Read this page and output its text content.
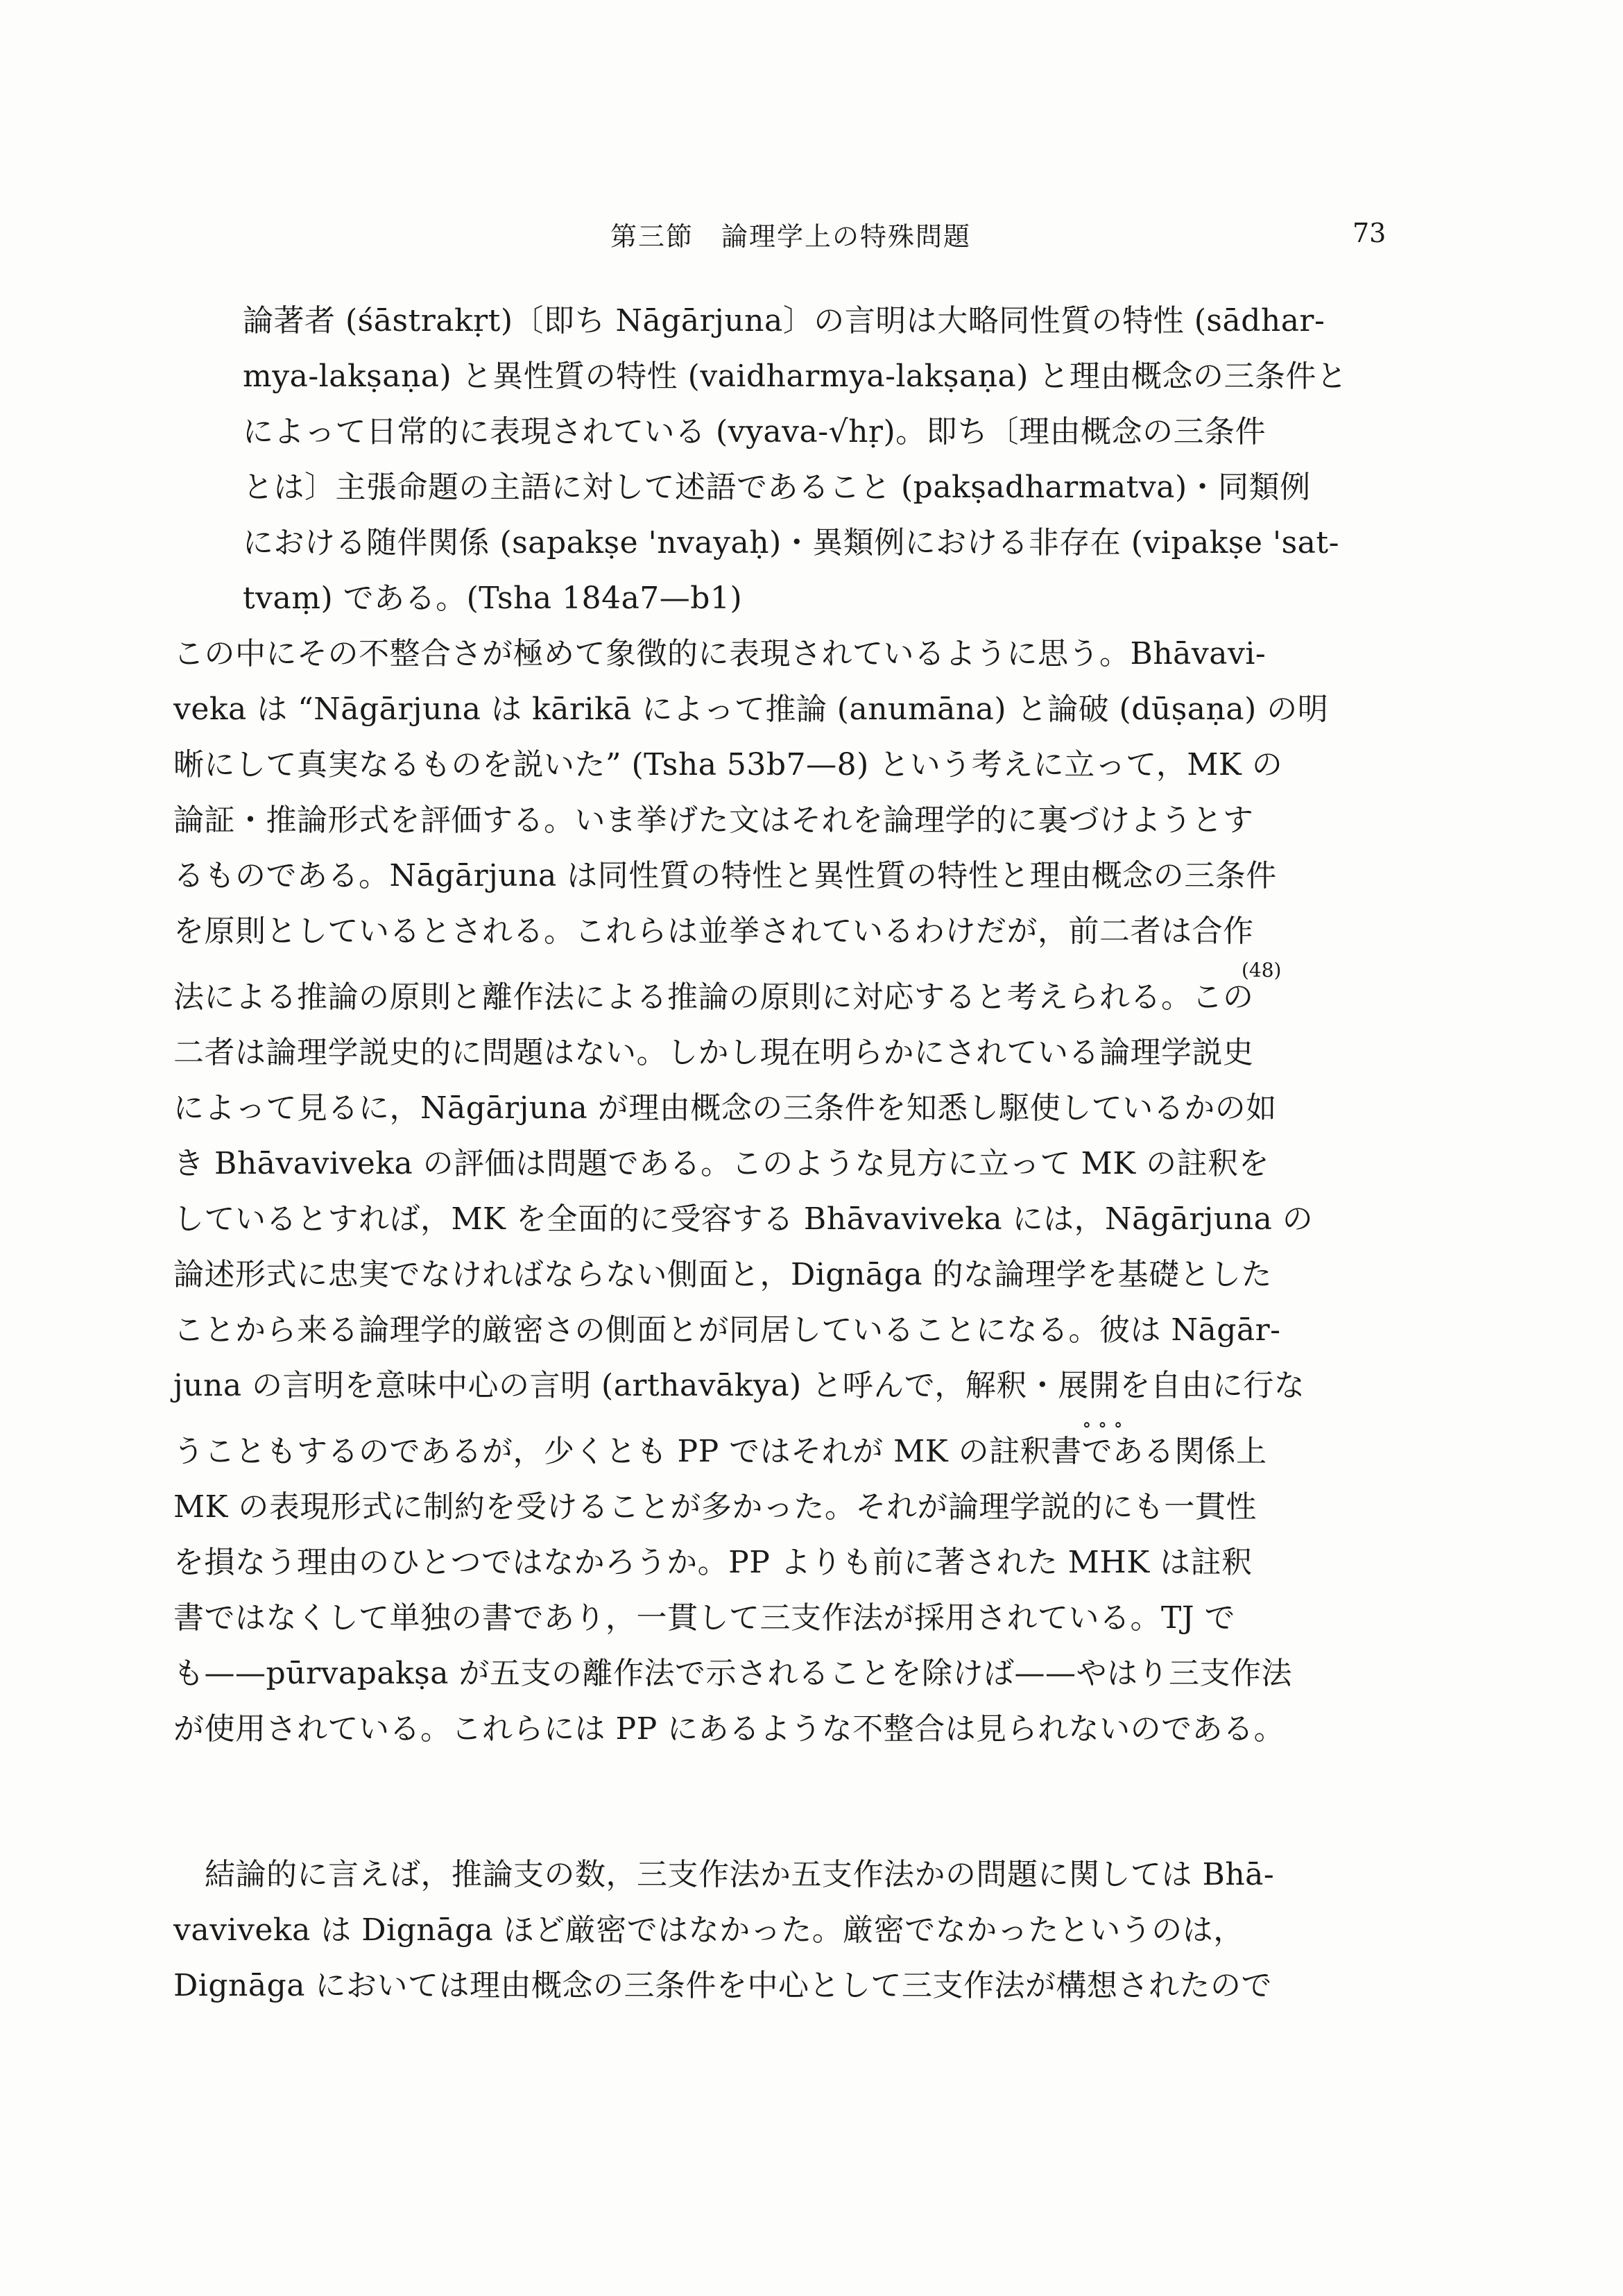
第三節　論理学上の特殊問題	73
論著者 (śāstrakṛt)〔即ち Nāgārjuna〕の言明は大略同性質の特性 (sādhar-
mya-lakṣaṇa) と異性質の特性 (vaidharmya-lakṣaṇa) と理由概念の三条件と
によって日常的に表現されている (vyava-√hṛ)。即ち〔理由概念の三条件
とは〕主張命題の主語に対して述語であること (pakṣadharmatva)・同類例
における随伴関係 (sapakṣe 'nvayaḥ)・異類例における非存在 (vipakṣe 'sat-
tvaṃ) である。(Tsha 184a7—b1)
この中にその不整合さが極めて象徴的に表現されているように思う。Bhāvavi-
veka は “Nāgārjuna は kārikā によって推論 (anumāna) と論破 (dūṣaṇa) の明
晰にして真実なるものを説いた” (Tsha 53b7—8) という考えに立って，MK の
論証・推論形式を評価する。いま挙げた文はそれを論理学的に裏づけようとす
るものである。Nāgārjuna は同性質の特性と異性質の特性と理由概念の三条件
を原則としているとされる。これらは並挙されているわけだが，前二者は合作
(48)
法による推論の原則と離作法による推論の原則に対応すると考えられる。この
二者は論理学説史的に問題はない。しかし現在明らかにされている論理学説史
によって見るに，Nāgārjuna が理由概念の三条件を知悉し駆使しているかの如
き Bhāvaviveka の評価は問題である。このような見方に立って MK の註釈を
しているとすれば，MK を全面的に受容する Bhāvaviveka には，Nāgārjuna の
論述形式に忠実でなければならない側面と，Dignāga 的な論理学を基礎とした
ことから来る論理学的厳密さの側面とが同居していることになる。彼は Nāgār-
juna の言明を意味中心の言明 (arthavākya) と呼んで，解釈・展開を自由に行な
∘ ∘ ∘
うこともするのであるが，少くとも PP ではそれが MK の註釈書である関係上
MK の表現形式に制約を受けることが多かった。それが論理学説的にも一貫性
を損なう理由のひとつではなかろうか。PP よりも前に著された MHK は註釈
書ではなくして単独の書であり，一貫して三支作法が採用されている。TJ で
も——pūrvapakṣa が五支の離作法で示されることを除けば——やはり三支作法
が使用されている。これらには PP にあるような不整合は見られないのである。
結論的に言えば，推論支の数，三支作法か五支作法かの問題に関しては Bhā-
vaviveka は Dignāga ほど厳密ではなかった。厳密でなかったというのは，
Dignāga においては理由概念の三条件を中心として三支作法が構想されたので
